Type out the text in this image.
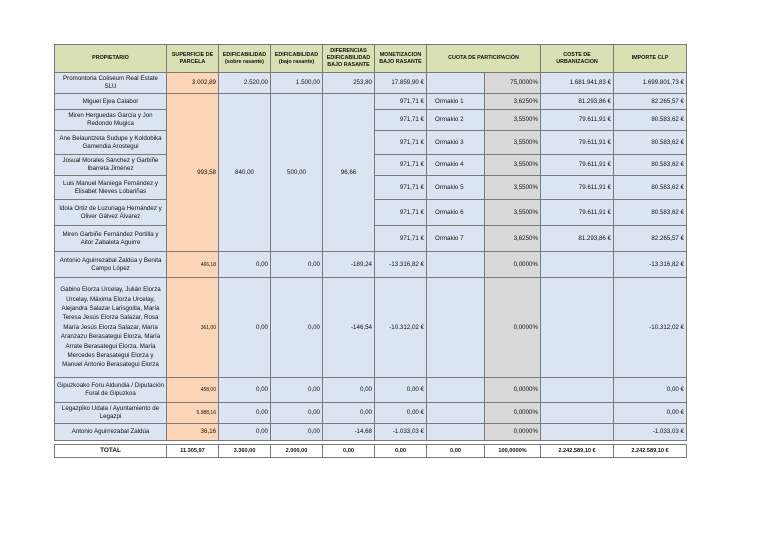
PROPIETARIO	SUPERFICIE DE PARCELA	EDIFICABILIDAD (sobre rasante)	EDIFICABILIDAD (bajo rasante)	DIFERENCIAS EDIFICABILIDAD BAJO RASANTE	MONETIZACION BAJO RASANTE	CUOTA DE PARTICIPACIÓN		COSTE DE URBANIZACION	IMPORTE CLP
Promontoria Coliseum Real Estate SLU	3.002,89	2.520,00	1.500,00	253,80	17.859,90 €		75,0000%	1.681.941,83 €	1.699.801,73 €
Miguel Ejea Calabor	993,58	840,00	500,00	96,66	971,71 €	Ormakio 1	3,6250%	81.293,86 €	82.265,57 €
Miren Herguedas García y Jon Redondo Mugica					971,71 €	Ormakio 2	3,5500%	79.611,91 €	80.583,62 €
Ane Belauntzeta Sudupe y Koldobika Gamendia Arostegui					971,71 €	Ormakio 3	3,5500%	79.611,91 €	80.583,62 €
Josual Morales Sánchez y Garbiñe Ibarreta Jiménez					971,71 €	Ormakio 4	3,5500%	79.611,91 €	80.583,62 €
Luis Manuel Maniega Fernández y Elisabet Nieves Lobariñas					971,71 €	Ormakio 5	3,5500%	79.611,91 €	80.583,62 €
Idoia Ortiz de Luzuriaga Hernández y Oliver Gálvez Álvarez					971,71 €	Ormakio 6	3,5500%	79.611,91 €	80.583,62 €
Miren Garbiñe Fernández Portilla y Aitor Zabaleta Aguirre					971,71 €	Ormakio 7	3,6250%	81.293,86 €	82.265,57 €
Antonio Aguirrezabal Zaldúa y Benita Campo López	466,18	0,00	0,00	-189,24	-13.316,82 €		0,0000%		-13.316,82 €
Gabino Elorza Urcelay, Julián Elorza Urcelay, Máxima Elorza Urcelay, Alejandra Salazar Larisgoitia, María Teresa Jesús Elorza Salazar, Rosa María Jesús Elorza Salazar, María Aranzazu Berasategui Elorza, María Arrate Berasategui Elorza, María Mercedes Berasategui Elorza y Manuel Antonio Berasategui Elorza	361,00	0,00	0,00	-146,54	-10.312,02 €		0,0000%		-10.312,02 €
Gipuzkoako Foru Aldundia / Diputación Foral de Gipuzkoa	458,00	0,00	0,00	0,00	0,00 €		0,0000%		0,00 €
Legazpiko Udala / Ayuntamiento de Legazpi	5.988,16	0,00	0,00	0,00	0,00 €		0,0000%		0,00 €
Antonio Aguirrezabal Zaldúa	36,16	0,00	0,00	-14,68	-1.033,03 €		0,0000%		-1.033,03 €

TOTAL	11.305,97	3.360,00	2.000,00	0,00	0,00	0,00	100,0000%	2.242.589,10 €	2.242.589,10 €
